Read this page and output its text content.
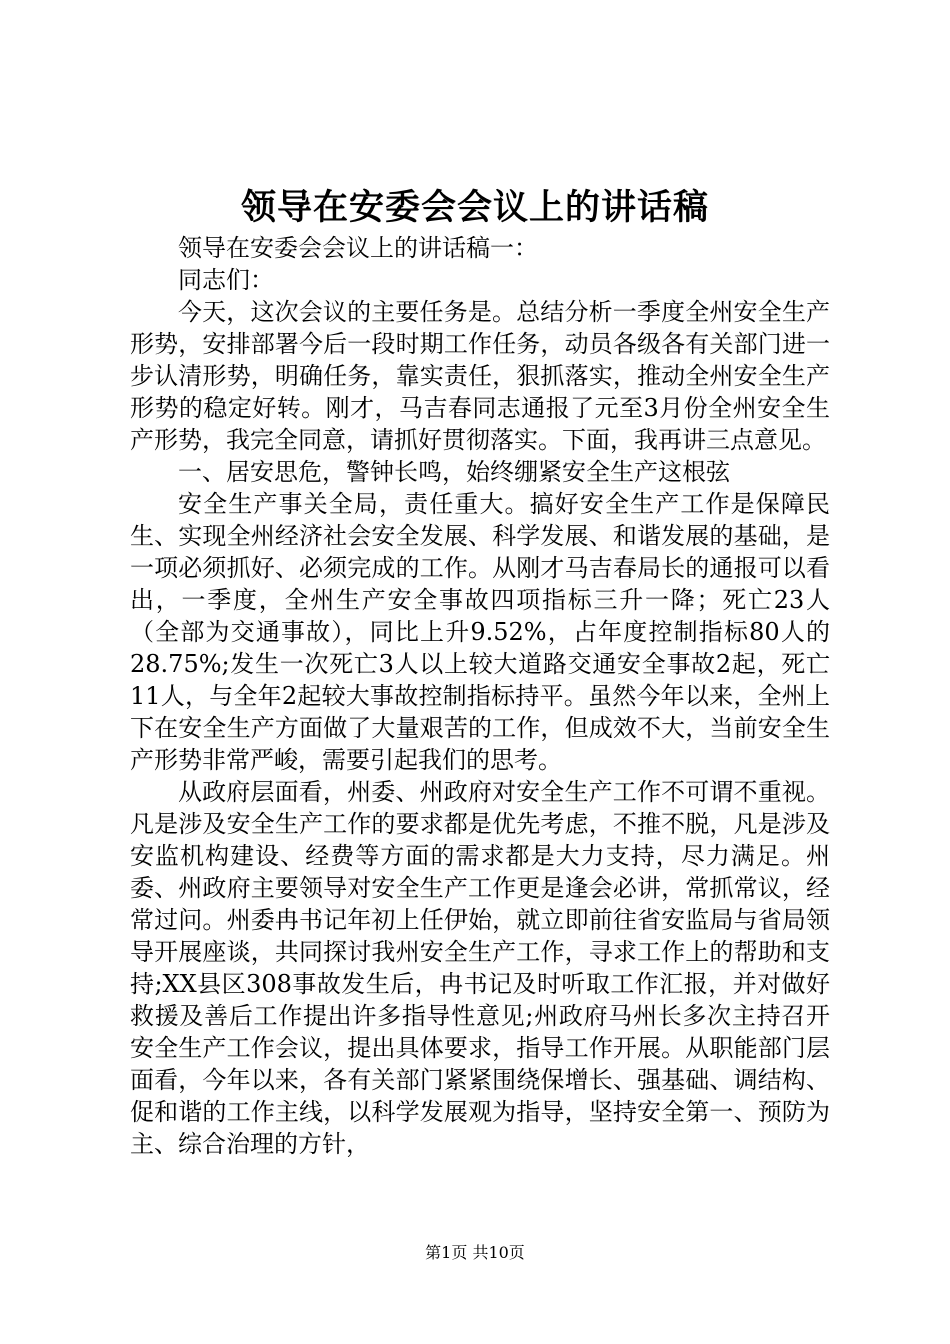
领导在安委会会议上的讲话稿

领导在安委会会议上的讲话稿一：

同志们：

今天，这次会议的主要任务是。总结分析一季度全州安全生产形势，安排部署今后一段时期工作任务，动员各级各有关部门进一步认清形势，明确任务，靠实责任，狠抓落实，推动全州安全生产形势的稳定好转。刚才，马吉春同志通报了元至3月份全州安全生产形势，我完全同意，请抓好贯彻落实。下面，我再讲三点意见。

一、居安思危，警钟长鸣，始终绷紧安全生产这根弦

安全生产事关全局，责任重大。搞好安全生产工作是保障民生、实现全州经济社会安全发展、科学发展、和谐发展的基础，是一项必须抓好、必须完成的工作。从刚才马吉春局长的通报可以看出，一季度，全州生产安全事故四项指标三升一降；死亡23人（全部为交通事故），同比上升9.52%，占年度控制指标80人的28.75%;发生一次死亡3人以上较大道路交通安全事故2起，死亡11人，与全年2起较大事故控制指标持平。虽然今年以来，全州上下在安全生产方面做了大量艰苦的工作，但成效不大，当前安全生产形势非常严峻，需要引起我们的思考。

从政府层面看，州委、州政府对安全生产工作不可谓不重视。凡是涉及安全生产工作的要求都是优先考虑，不推不脱，凡是涉及安监机构建设、经费等方面的需求都是大力支持，尽力满足。州委、州政府主要领导对安全生产工作更是逢会必讲，常抓常议，经常过问。州委冉书记年初上任伊始，就立即前往省安监局与省局领导开展座谈，共同探讨我州安全生产工作，寻求工作上的帮助和支持;XX县区308事故发生后，冉书记及时听取工作汇报，并对做好救援及善后工作提出许多指导性意见;州政府马州长多次主持召开安全生产工作会议，提出具体要求，指导工作开展。从职能部门层面看，今年以来，各有关部门紧紧围绕保增长、强基础、调结构、促和谐的工作主线，以科学发展观为指导，坚持安全第一、预防为主、综合治理的方针，

第1页 共10页
